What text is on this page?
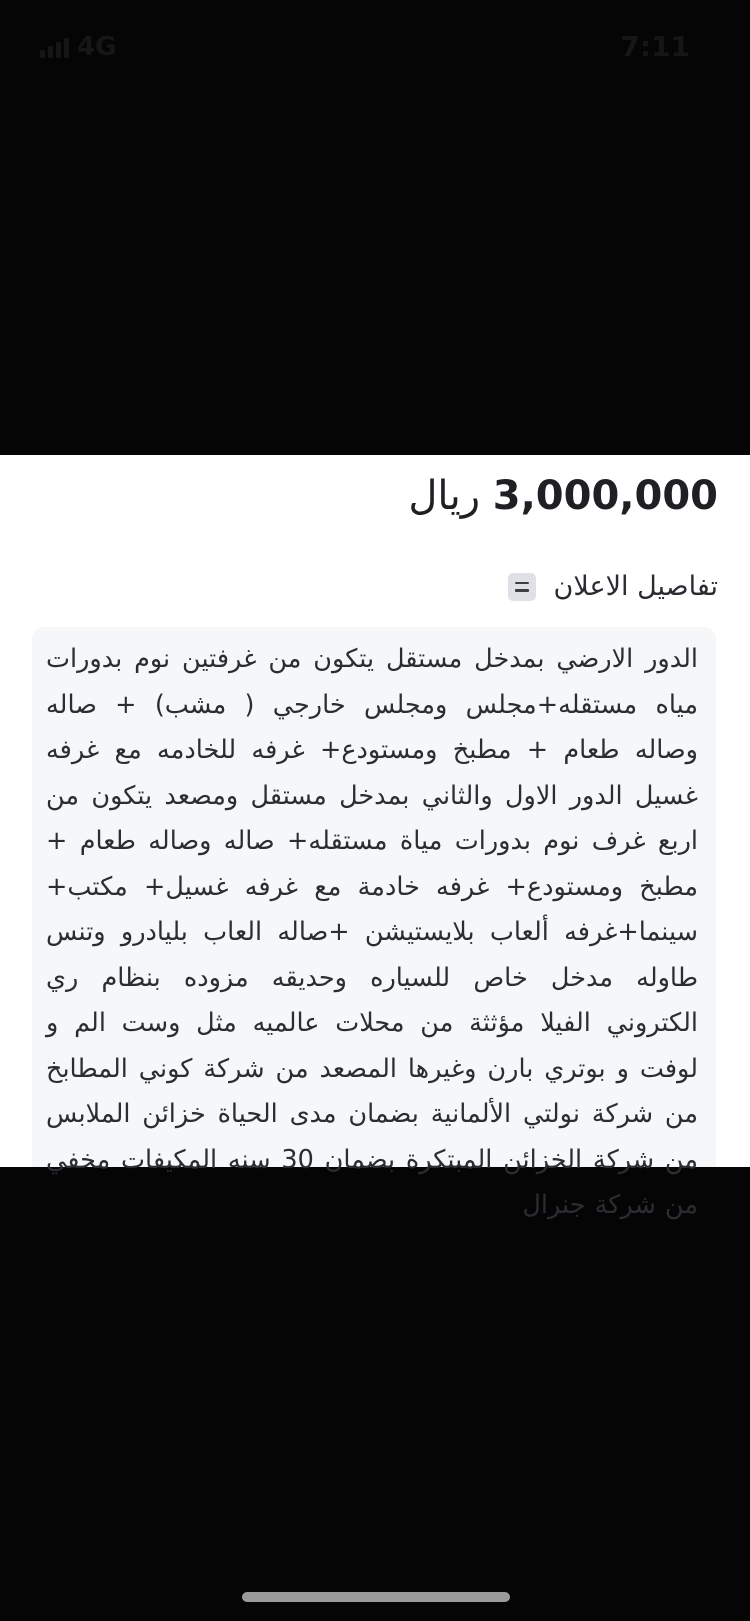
4G	7:11
3,000,000 ريال
تفاصيل الاعلان
الدور الارضي بمدخل مستقل يتكون من غرفتين نوم بدورات مياه مستقله+مجلس ومجلس خارجي ( مشب) + صاله وصاله طعام + مطبخ ومستودع+ غرفه للخادمه مع غرفه غسيل الدور الاول والثاني بمدخل مستقل ومصعد يتكون من اربع غرف نوم بدورات مياة مستقله+ صاله وصاله طعام + مطبخ ومستودع+ غرفه خادمة مع غرفه غسيل+ مكتب+ سينما+غرفه ألعاب بلايستيشن +صاله العاب بليادرو وتنس طاوله مدخل خاص للسياره وحديقه مزوده بنظام ري الكتروني الفيلا مؤثثة من محلات عالميه مثل وست الم و لوفت و بوتري بارن وغيرها المصعد من شركة كوني المطابخ من شركة نولتي الألمانية بضمان مدى الحياة خزائن الملابس من شركة الخزائن المبتكرة بضمان 30 سنه المكيفات مخفي من شركة جنرال
